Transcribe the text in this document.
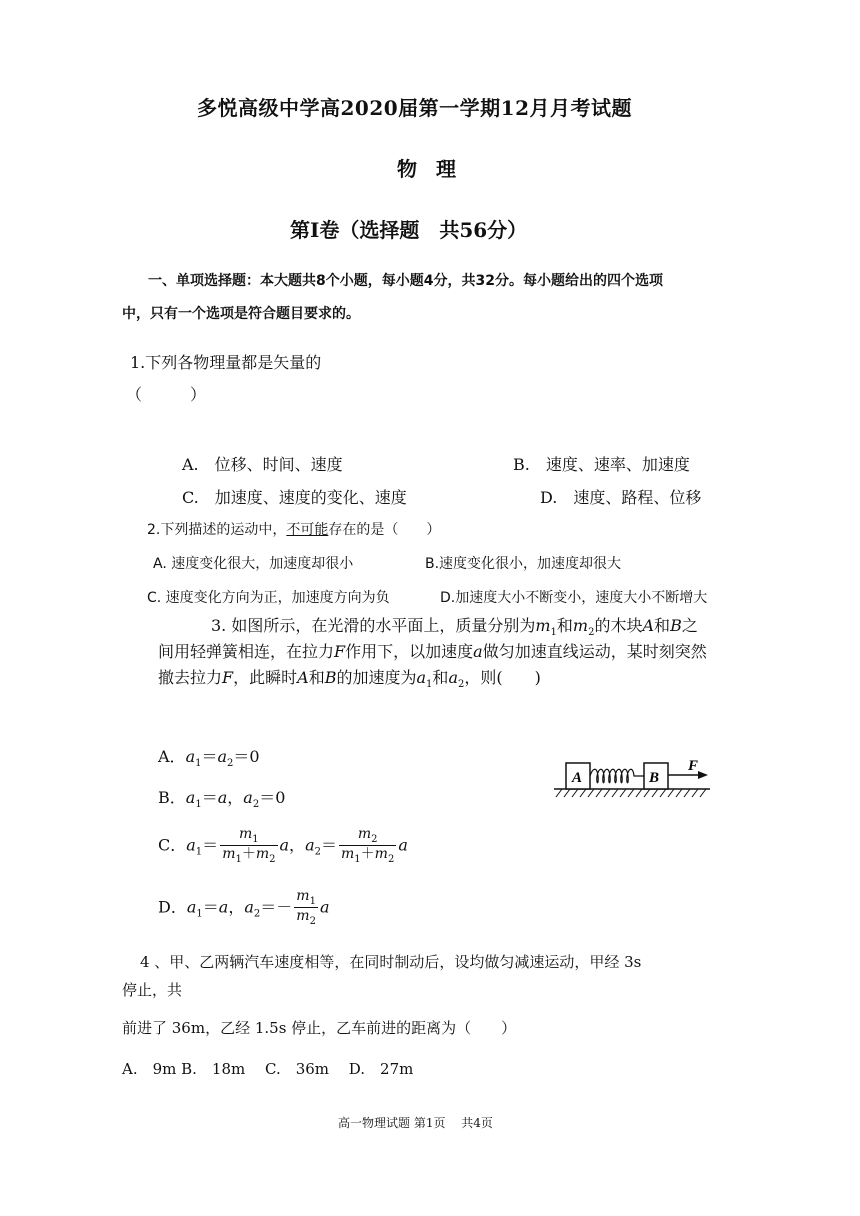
多悦高级中学高2020届第一学期12月月考试题
物 理
第Ⅰ卷（选择题　共56分）
一、单项选择题：本大题共8个小题，每小题4分，共32分。每小题给出的四个选项
中，只有一个选项是符合题目要求的。
1.下列各物理量都是矢量的
（　　　）
A.　位移、时间、速度	B.　速度、速率、加速度
C.　加速度、速度的变化、速度	D.　速度、路程、位移
2.下列描述的运动中，不可能存在的是（　　）
A. 速度变化很大，加速度却很小	B.速度变化很小，加速度却很大
C. 速度变化方向为正，加速度方向为负	D.加速度大小不断变小，速度大小不断增大
3. 如图所示，在光滑的水平面上，质量分别为$m_1$和$m_2$的木块A和B之
间用轻弹簧相连，在拉力F作用下，以加速度a做匀加速直线运动，某时刻突然
撤去拉力F，此瞬时A和B的加速度为$a_1$和$a_2$，则(　　)
A．$a_1=a_2=0$
B．$a_1=a$，$a_2=0$
C．$a_1= \frac{m_1}{m_1+m_2}$ a，$a_2= \frac{m_2}{m_1+m_2}$ a
D．$a_1=a$，$a_2=- \frac{m_1}{m_2}$ a
A	B
F
4 、甲、乙两辆汽车速度相等，在同时制动后，设均做匀减速运动，甲经 3s
停止，共
前进了 36m，乙经 1.5s 停止，乙车前进的距离为（　　）
A.　9m B.　18m　 C.　36m　 D.　27m
高一物理试题 第1页　 共4页
